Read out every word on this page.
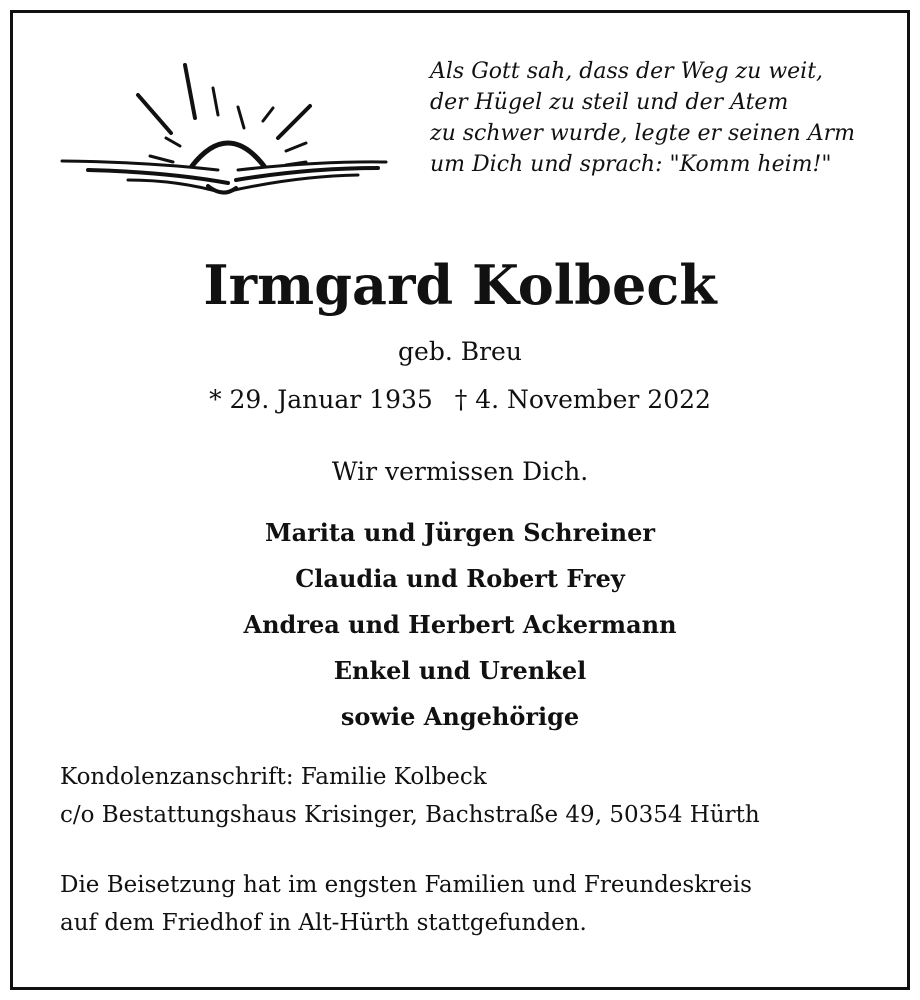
Als Gott sah, dass der Weg zu weit,
der Hügel zu steil und der Atem
zu schwer wurde, legte er seinen Arm
um Dich und sprach: "Komm heim!"
Irmgard Kolbeck
geb. Breu
* 29. Januar 1935 † 4. November 2022
Wir vermissen Dich.
Marita und Jürgen Schreiner
Claudia und Robert Frey
Andrea und Herbert Ackermann
Enkel und Urenkel
sowie Angehörige
Kondolenzanschrift: Familie Kolbeck
c/o Bestattungshaus Krisinger, Bachstraße 49, 50354 Hürth
Die Beisetzung hat im engsten Familien und Freundeskreis
auf dem Friedhof in Alt-Hürth stattgefunden.
